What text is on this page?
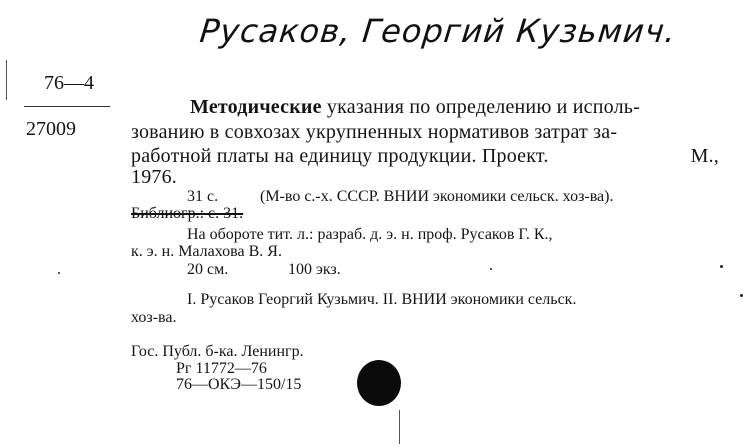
Русаков, Георгий Кузьмич.
76—4
27009
Методические указания по определению и исполь-
зованию в совхозах укрупненных нормативов затрат за-
работной платы на единицу продукции. Проект.	М.,
1976.
31 с.	(М-во с.-х. СССР. ВНИИ экономики сельск. хоз-ва).
Библиогр.: с. 31.
На обороте тит. л.: разраб. д. э. н. проф. Русаков Г. К.,
к. э. н. Малахова В. Я.
20 см.	100 экз.
I. Русаков Георгий Кузьмич. II. ВНИИ экономики сельск.
хоз-ва.
Гос. Публ. б-ка. Ленингр.
Рг 11772—76
76—ОКЭ—150/15
